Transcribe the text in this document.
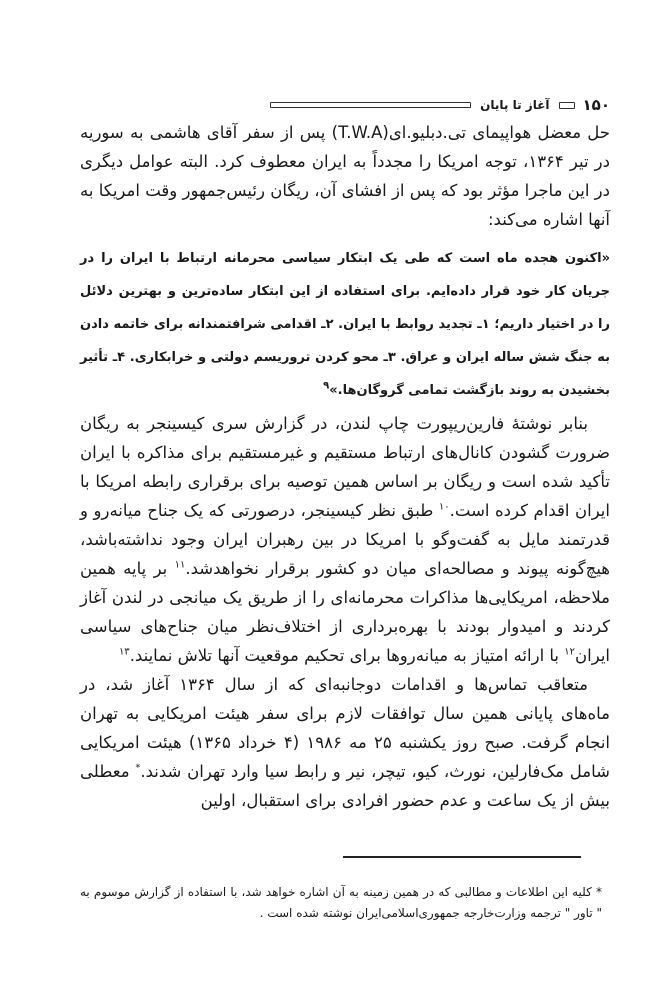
۱۵۰
آغاز تا پایان

حل معضل هواپیمای تی.دبلیو.ای(T.W.A) پس از سفر آقای هاشمی به سوریه در تیر ۱۳۶۴، توجه امریکا را مجدداً به ایران معطوف کرد. البته عوامل دیگری در این ماجرا مؤثر بود که پس از افشای آن، ریگان رئیس‌جمهور وقت امریکا به آنها اشاره می‌کند:

«اکنون هجده ماه است که طی یک ابتکار سیاسی محرمانه ارتباط با ایران را در جریان کار خود قرار داده‌ایم. برای استفاده از این ابتکار ساده‌ترین و بهترین دلائل را در اختیار داریم؛ ۱ـ تجدید روابط با ایران. ۲ـ اقدامی شرافتمندانه برای خاتمه دادن به جنگ شش ساله ایران و عراق. ۳ـ محو کردن تروریسم دولتی و خرابکاری. ۴ـ تأثیر بخشیدن به روند بازگشت تمامی گروگان‌ها.»$^۹$

بنابر نوشتهٔ فارین‌ریپورت چاپ لندن، در گزارش سری کیسینجر به ریگان ضرورت گشودن کانال‌های ارتباط مستقیم و غیرمستقیم برای مذاکره با ایران تأکید شده است و ریگان بر اساس همین توصیه برای برقراری رابطه امریکا با ایران اقدام کرده است.$^{۱۰}$ طبق نظر کیسینجر، درصورتی که یک جناح میانه‌رو و قدرتمند مایل به گفت‌وگو با امریکا در بین رهبران ایران وجود نداشته‌باشد، هیچ‌گونه پیوند و مصالحه‌ای میان دو کشور برقرار نخواهدشد.$^{۱۱}$ بر پایه همین ملاحظه، امریکایی‌ها مذاکرات محرمانه‌ای را از طریق یک میانجی در لندن آغاز کردند و امیدوار بودند با بهره‌برداری از اختلاف‌نظر میان جناح‌های سیاسی ایران$^{۱۲}$ با ارائه امتیاز به میانه‌روها برای تحکیم موقعیت آنها تلاش نمایند.$^{۱۳}$

متعاقب تماس‌ها و اقدامات دوجانبه‌ای که از سال ۱۳۶۴ آغاز شد، در ماه‌های پایانی همین سال توافقات لازم برای سفر هیئت امریکایی به تهران انجام گرفت. صبح روز یکشنبه ۲۵ مه ۱۹۸۶ (۴ خرداد ۱۳۶۵) هیئت امریکایی شامل مک‌فارلین، نورث، کیو، تیچر، نیر و رابط سیا وارد تهران شدند.* معطلی بیش از یک ساعت و عدم حضور افرادی برای استقبال، اولین

* کلیه این اطلاعات و مطالبی که در همین زمینه به آن اشاره خواهد شد، با استفاده از گزارش موسوم به " تاور " ترجمه وزارت‌خارجه جمهوری‌اسلامی‌ایران نوشته شده است .
